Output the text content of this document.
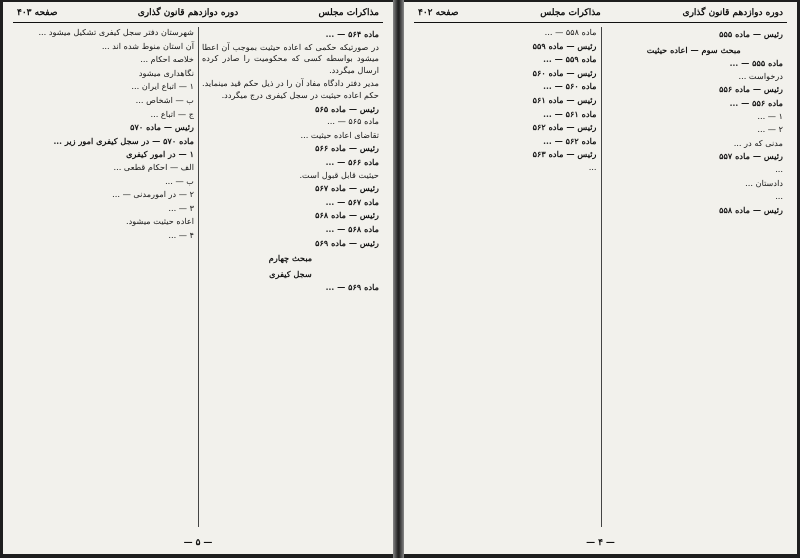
مذاکرات مجلس
دوره دوازدهم قانون گذاری
صفحه ۴۰۳
ماده ۵۶۴ — ...

در صورتیکه حکمی که اعاده حیثیت بموجب آن اعطا میشود بواسطه کسی که محکومیت را صادر کرده ارسال میگردد.

مدیر دفتر دادگاه مفاد آن را در ذیل حکم قید مینماید. حکم اعاده حیثیت در سجل کیفری درج میگردد.

رئیس — ماده ۵۶۵

ماده ۵۶۵ — ...

تقاضای اعاده حیثیت ...

رئیس — ماده ۵۶۶
ماده ۵۶۶ — ...

حیثیت قابل قبول است.

رئیس — ماده ۵۶۷
ماده ۵۶۷ — ...
رئیس — ماده ۵۶۸
ماده ۵۶۸ — ...
رئیس — ماده ۵۶۹
مبحث چهارم
سجل کیفری
ماده ۵۶۹ — ...

شهرستان دفتر سجل کیفری تشکیل میشود ...

آن استان منوط شده اند ...

خلاصه احکام ...

نگاهداری میشود

۱ — اتباع ایران ...

ب — اشخاص ...

ج — اتباع ...

رئیس — ماده ۵۷۰
ماده ۵۷۰ — در سجل کیفری امور زیر ...
۱ — در امور کیفری

الف — احکام قطعی ...

ب — ...

۲ — در امورمدنی — ...

۳ — ...

اعاده حیثیت میشود.

۴ — ...

— ۵ —
دوره دوازدهم قانون گذاری
مذاکرات مجلس
صفحه ۴۰۲
رئیس — ماده ۵۵۵
مبحث سوم — اعاده حیثیت
ماده ۵۵۵ — ...

درخواست ...

رئیس — ماده ۵۵۶
ماده ۵۵۶ — ...

۱ — ...

۲ — ...

مدنی که در ...

رئیس — ماده ۵۵۷

...

دادستان ...

...

رئیس — ماده ۵۵۸

ماده ۵۵۸ — ...

رئیس — ماده ۵۵۹
ماده ۵۵۹ — ...
رئیس — ماده ۵۶۰
ماده ۵۶۰ — ...
رئیس — ماده ۵۶۱
ماده ۵۶۱ — ...
رئیس — ماده ۵۶۲
ماده ۵۶۲ — ...
رئیس — ماده ۵۶۳

...

— ۴ —
